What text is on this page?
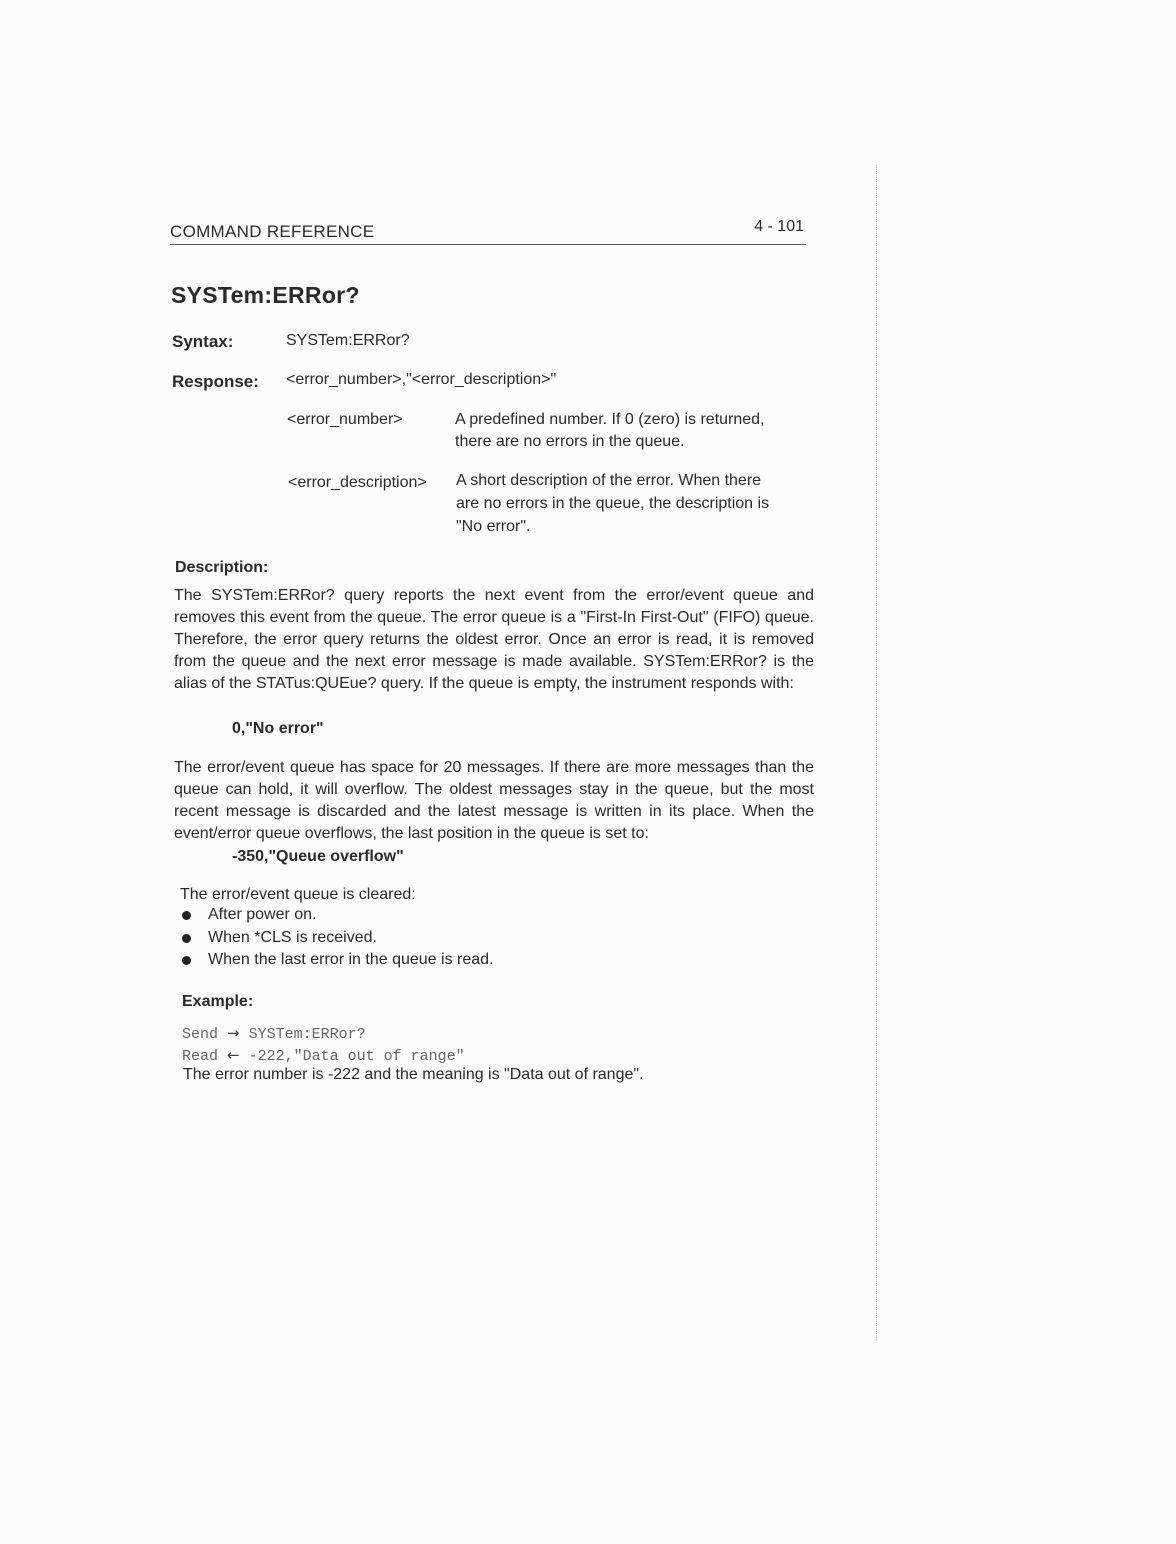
COMMAND REFERENCE	4 - 101
SYSTem:ERRor?
Syntax:	SYSTem:ERRor?
Response: <error_number>,"<error_description>"
<error_number>	A predefined number. If 0 (zero) is returned,
there are no errors in the queue.
<error_description> A short description of the error. When there
are no errors in the queue, the description is
"No error".
Description:
The SYSTem:ERRor? query reports the next event from the error/event queue and removes this event from the queue. The error queue is a "First-In First-Out" (FIFO) queue. Therefore, the error query returns the oldest error. Once an error is read, it is removed from the queue and the next error message is made available. SYSTem:ERRor? is the alias of the STATus:QUEue? query. If the queue is empty, the instrument responds with:
0,"No error"
The error/event queue has space for 20 messages. If there are more messages than the queue can hold, it will overflow. The oldest messages stay in the queue, but the most recent message is discarded and the latest message is written in its place. When the event/error queue overflows, the last position in the queue is set to:
-350,"Queue overflow"
The error/event queue is cleared:
After power on.
When *CLS is received.
When the last error in the queue is read.
Example:
Send → SYSTem:ERRor?
Read ← -222,"Data out of range"
The error number is -222 and the meaning is "Data out of range".
